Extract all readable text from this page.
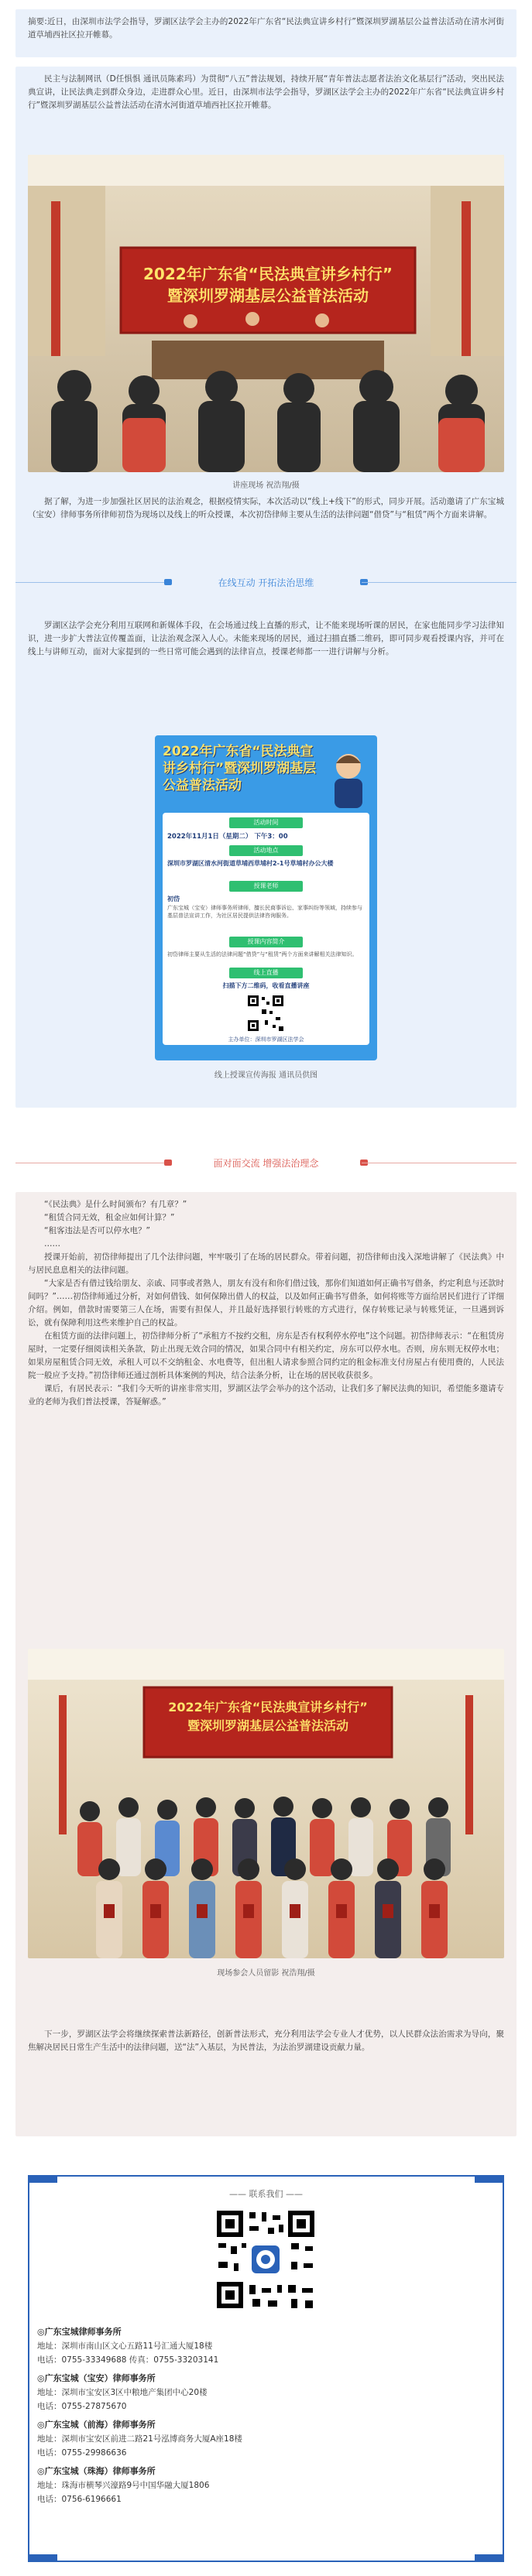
摘要:近日，由深圳市法学会指导，罗湖区法学会主办的2022年广东省“民法典宣讲乡村行”暨深圳罗湖基层公益普法活动在清水河街道草埔西社区拉开帷幕。

民主与法制网讯（D任惧惧 通讯员陈素玛）为贯彻“八五”普法规划，持续开展“青年普法志愿者法治文化基层行”活动，突出民法典宣讲，让民法典走到群众身边，走进群众心里。近日，由深圳市法学会指导，罗湖区法学会主办的2022年广东省“民法典宣讲乡村行”暨深圳罗湖基层公益普法活动在清水河街道草埔西社区拉开帷幕。

2022年广东省“民法典宣讲乡村行”
暨深圳罗湖基层公益普法活动
讲座现场 祝浩翔/摄
据了解，为进一步加强社区居民的法治观念，根据疫情实际，本次活动以“线上+线下”的形式，同步开展。活动邀请了广东宝城（宝安）律师事务所律师初岱为现场以及线上的听众授课，本次初岱律师主要从生活的法律问题“借贷”与“租赁”两个方面来讲解。
在线互动 开拓法治思维
罗湖区法学会充分利用互联网和新媒体手段，在会场通过线上直播的形式，让不能来现场听课的居民，在家也能同步学习法律知识，进一步扩大普法宣传覆盖面，让法治观念深入人心。未能来现场的居民，通过扫描直播二维码，即可同步观看授课内容，并可在线上与讲师互动，面对大家提到的一些日常可能会遇到的法律盲点，授课老师都一一进行讲解与分析。
2022年广东省“民法典宣讲乡村行”暨深圳罗湖基层公益普法活动
活动时间
2022年11月1日（星期二） 下午3：00
活动地点
深圳市罗湖区清水河街道草埔西草埔村2-1号草埔村办公大楼
授课老师
初岱
广东宝城（宝安）律师事务所律师，擅长民商事诉讼、家事纠纷等领域，持续参与基层普法宣讲工作，为社区居民提供法律咨询服务。
授课内容简介
初岱律师主要从生活的法律问题“借贷”与“租赁”两个方面来讲解相关法律知识。
线上直播
扫描下方二维码，收看直播讲座
主办单位：深圳市罗湖区法学会
线上授课宣传海报 通讯员供图
面对面交流 增强法治理念

“《民法典》是什么时间颁布？有几章？”

“租赁合同无效，租金应如何计算？”

“租客违法是否可以停水电？”

……

授课开始前，初岱律师提出了几个法律问题，牢牢吸引了在场的居民群众。带着问题，初岱律师由浅入深地讲解了《民法典》中与居民息息相关的法律问题。

“大家是否有借过钱给朋友、亲戚、同事或者熟人，朋友有没有和你们借过钱，那你们知道如何正确书写借条，约定利息与还款时间吗？”……初岱律师通过分析，对如何借钱、如何保障出借人的权益，以及如何正确书写借条，如何将账等方面给居民们进行了详细介绍。例如，借款时需要第三人在场，需要有担保人，并且最好选择银行转账的方式进行，保存转账记录与转账凭证，一旦遇到诉讼，就有保障利用这些来维护自己的权益。

在租赁方面的法律问题上，初岱律师分析了“承租方不按约交租，房东是否有权利停水停电”这个问题。初岱律师表示：“在租赁房屋时，一定要仔细阅读相关条款，防止出现无效合同的情况，如果合同中有相关约定，房东可以停水电。否则，房东则无权停水电；如果房屋租赁合同无效，承租人可以不交纳租金、水电费等，但出租人请求参照合同约定的租金标准支付房屋占有使用费的，人民法院一般应予支持。”初岱律师还通过剖析具体案例的判决，结合法条分析，让在场的居民收获很多。

课后，有居民表示：“我们今天听的讲座非常实用，罗湖区法学会举办的这个活动，让我们多了解民法典的知识，希望能多邀请专业的老师为我们普法授课，答疑解惑。”

2022年广东省“民法典宣讲乡村行”
暨深圳罗湖基层公益普法活动
现场参会人员留影 祝浩翔/摄
下一步，罗湖区法学会将继续探索普法新路径，创新普法形式，充分利用法学会专业人才优势，以人民群众法治需求为导向，聚焦解决居民日常生产生活中的法律问题，送“法”入基层，为民普法，为法治罗湖建设贡献力量。
—— 联系我们 ——
◎广东宝城律师事务所
地址：深圳市南山区文心五路11号汇通大厦18楼
电话：0755-33349688 传真：0755-33203141
◎广东宝城（宝安）律师事务所
地址：深圳市宝安区3区中粮地产集团中心20楼
电话：0755-27875670
◎广东宝城（前海）律师事务所
地址：深圳市宝安区前进二路21号泓博商务大厦A座18楼
电话：0755-29986636
◎广东宝城（珠海）律师事务所
地址：珠海市横琴兴濠路9号中国华融大厦1806
电话：0756-6196661
